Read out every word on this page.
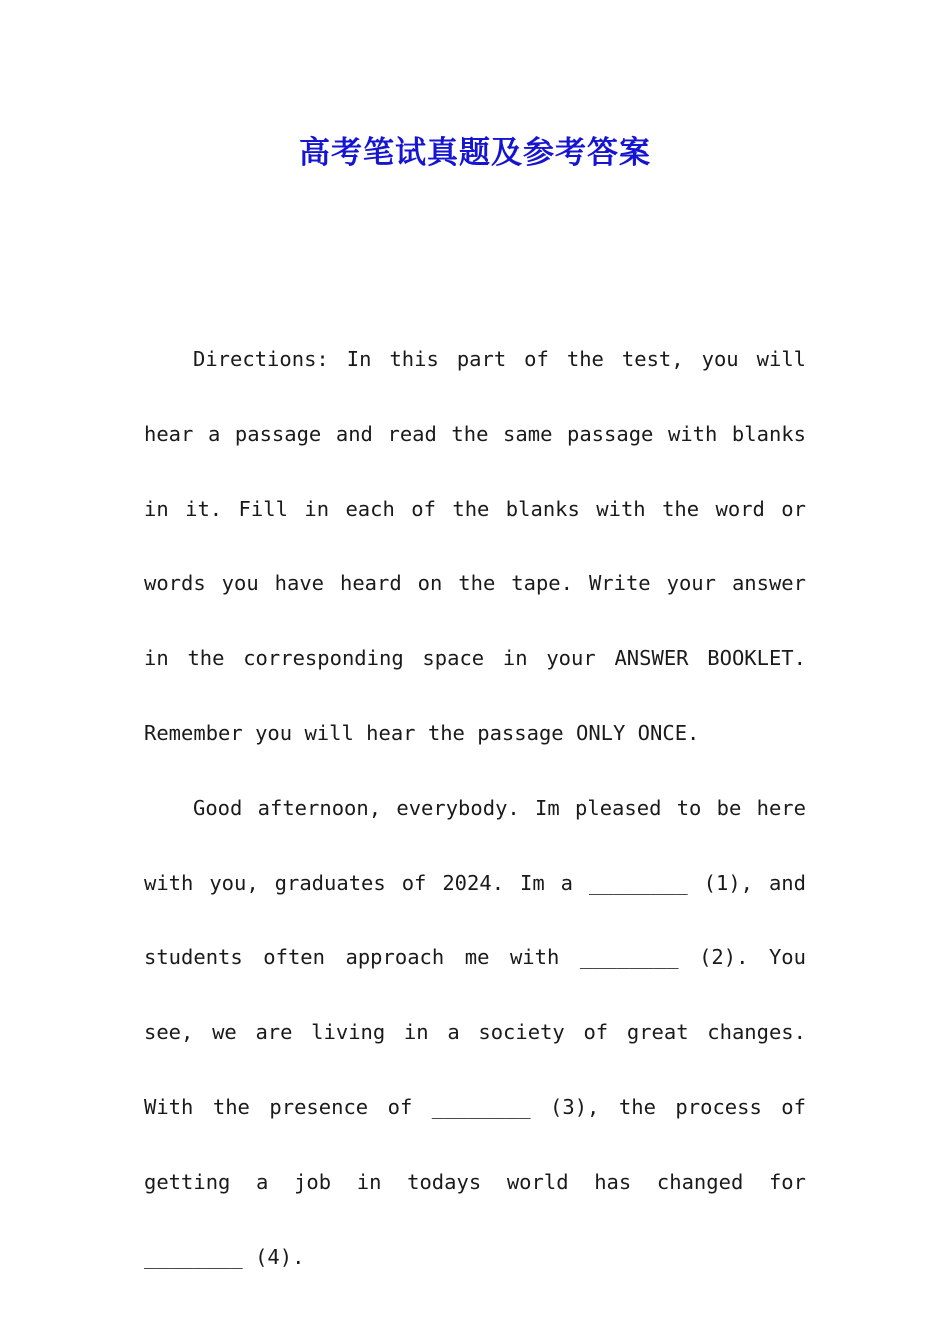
高考笔试真题及参考答案

Directions: In this part of the test, you will hear a passage and read the same passage with blanks in it. Fill in each of the blanks with the word or words you have heard on the tape. Write your answer in the corresponding space in your ANSWER BOOKLET. Remember you will hear the passage ONLY ONCE.

Good afternoon, everybody. Im pleased to be here with you, graduates of 2024. Im a ________ (1), and students often approach me with ________ (2). You see, we are living in a society of great changes. With the presence of ________ (3), the process of getting a job in todays world has changed for ________ (4).
